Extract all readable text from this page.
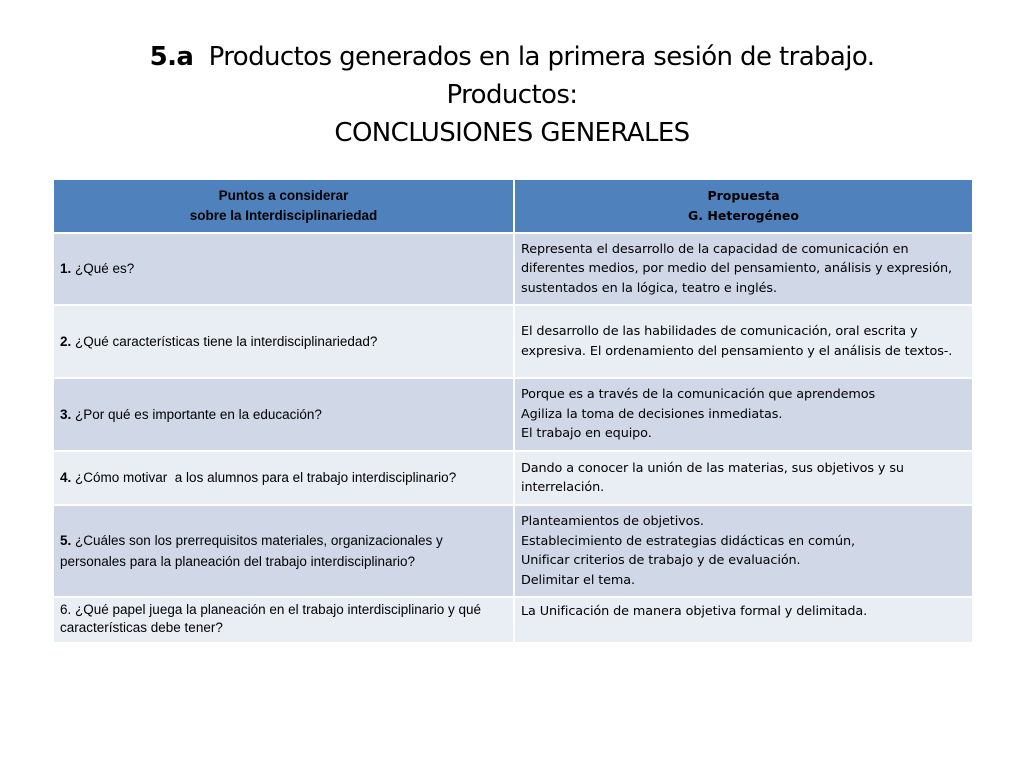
5.a Productos generados en la primera sesión de trabajo.
Productos:
CONCLUSIONES GENERALES
Puntos a considerar
sobre la Interdisciplinariedad	Propuesta
G. Heterogéneo

1. ¿Qué es?	Representa el desarrollo de la capacidad de comunicación en diferentes medios, por medio del pensamiento, análisis y expresión, sustentados en la lógica, teatro e inglés.

2. ¿Qué características tiene la interdisciplinariedad?	El desarrollo de las habilidades de comunicación, oral escrita y expresiva. El ordenamiento del pensamiento y el análisis de textos-.

3. ¿Por qué es importante en la educación?	Porque es a través de la comunicación que aprendemos
Agiliza la toma de decisiones inmediatas.
El trabajo en equipo.

4. ¿Cómo motivar  a los alumnos para el trabajo interdisciplinario?	Dando a conocer la unión de las materias, sus objetivos y su interrelación.

5. ¿Cuáles son los prerrequisitos materiales, organizacionales y personales para la planeación del trabajo interdisciplinario?	Planteamientos de objetivos.
Establecimiento de estrategias didácticas en común,
Unificar criterios de trabajo y de evaluación.
Delimitar el tema.

6. ¿Qué papel juega la planeación en el trabajo interdisciplinario y qué características debe tener?	La Unificación de manera objetiva formal y delimitada.
